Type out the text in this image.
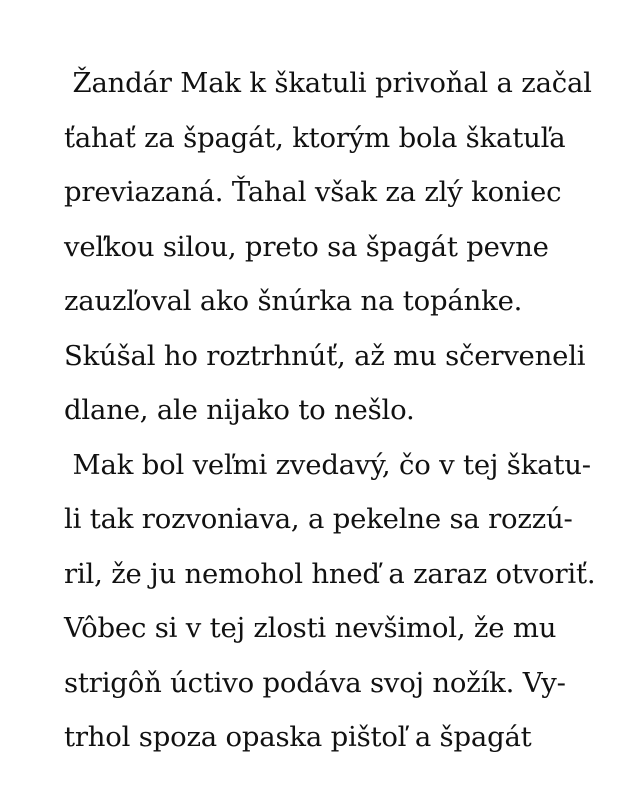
Žandár Mak k škatuli privoňal a začal

ťahať za špagát, ktorým bola škatuľa

previazaná. Ťahal však za zlý koniec

veľkou silou, preto sa špagát pevne

zauzľoval ako šnúrka na topánke.

Skúšal ho roztrhnúť, až mu sčerveneli

dlane, ale nijako to nešlo.

Mak bol veľmi zvedavý, čo v tej škatu-

li tak rozvoniava, a pekelne sa rozzú-

ril, že ju nemohol hneď a zaraz otvoriť.

Vôbec si v tej zlosti nevšimol, že mu

strigôň úctivo podáva svoj nožík. Vy-

trhol spoza opaska pištoľ a špagát
